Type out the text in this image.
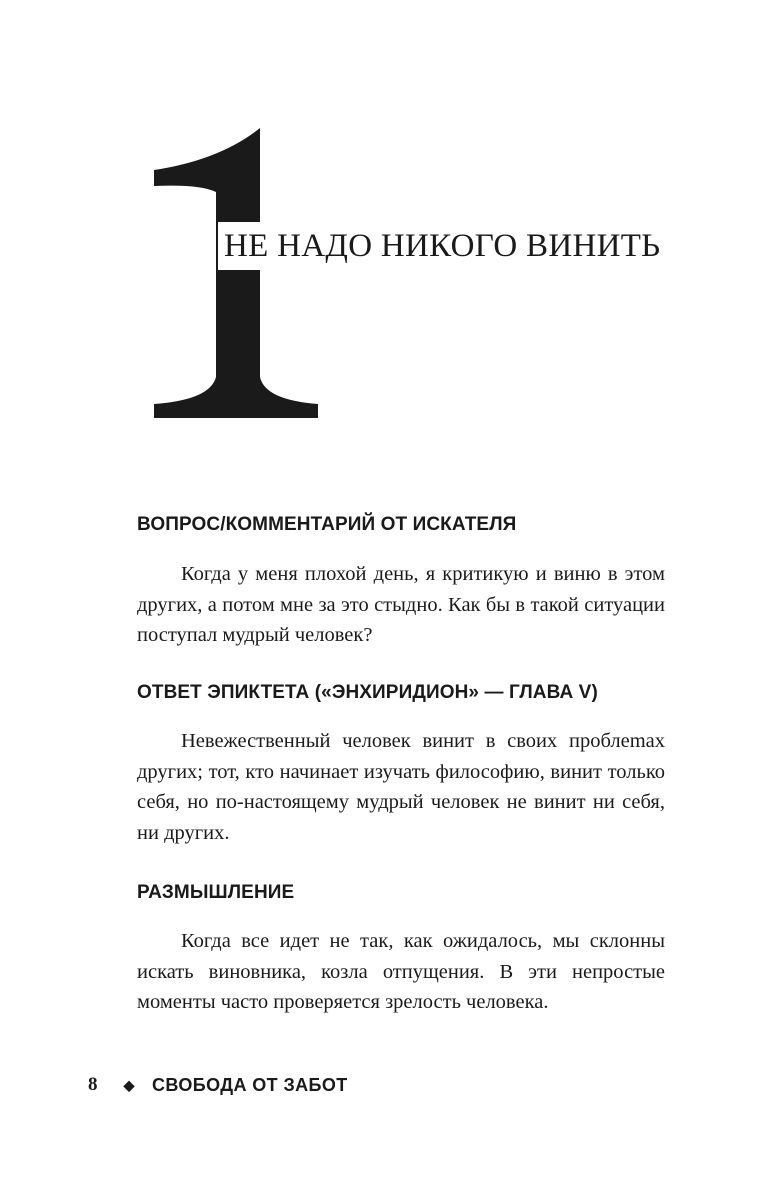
НЕ НАДО НИКОГО ВИНИТЬ
ВОПРОС/КОММЕНТАРИЙ ОТ ИСКАТЕЛЯ
Когда у меня плохой день, я критикую и виню в этом других, а потом мне за это стыдно. Как бы в такой ситуации поступал мудрый человек?
ОТВЕТ ЭПИКТЕТА («ЭНХИРИДИОН» — ГЛАВА V)
Невежественный человек винит в своих проблеmах других; тот, кто начинает изучать философию, винит только себя, но по-настоящему мудрый человек не винит ни себя, ни других.
РАЗМЫШЛЕНИЕ
Когда все идет не так, как ожидалось, мы склонны искать виновника, козла отпущения. В эти непростые моменты часто проверяется зрелость человека.
8	◆ СВОБОДА ОТ ЗАБОТ
